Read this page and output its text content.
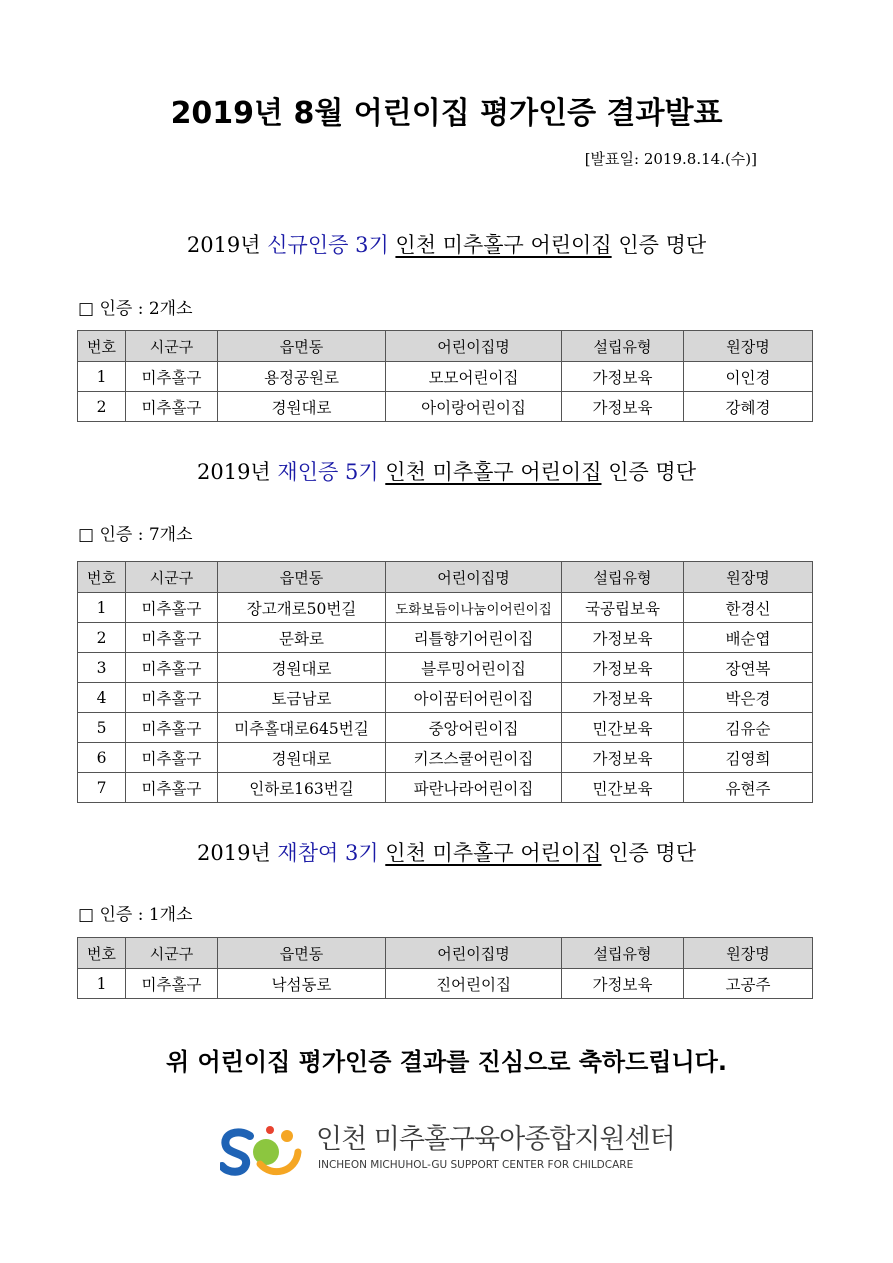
2019년 8월 어린이집 평가인증 결과발표
[발표일: 2019.8.14.(수)]
2019년 신규인증 3기 인천 미추홀구 어린이집 인증 명단
□ 인증 : 2개소
번호	시군구	읍면동	어린이집명	설립유형	원장명
1	미추홀구	용정공원로	모모어린이집	가정보육	이인경
2	미추홀구	경원대로	아이랑어린이집	가정보육	강혜경
2019년 재인증 5기 인천 미추홀구 어린이집 인증 명단
□ 인증 : 7개소
번호	시군구	읍면동	어린이집명	설립유형	원장명
1	미추홀구	장고개로50번길	도화보듬이나눔이어린이집	국공립보육	한경신
2	미추홀구	문화로	리틀향기어린이집	가정보육	배순엽
3	미추홀구	경원대로	블루밍어린이집	가정보육	장연복
4	미추홀구	토금남로	아이꿈터어린이집	가정보육	박은경
5	미추홀구	미추홀대로645번길	중앙어린이집	민간보육	김유순
6	미추홀구	경원대로	키즈스쿨어린이집	가정보육	김영희
7	미추홀구	인하로163번길	파란나라어린이집	민간보육	유현주
2019년 재참여 3기 인천 미추홀구 어린이집 인증 명단
□ 인증 : 1개소
번호	시군구	읍면동	어린이집명	설립유형	원장명
1	미추홀구	낙섬동로	진어린이집	가정보육	고공주

위 어린이집 평가인증 결과를 진심으로 축하드립니다.

인천 미추홀구육아종합지원센터
INCHEON MICHUHOL-GU SUPPORT CENTER FOR CHILDCARE
